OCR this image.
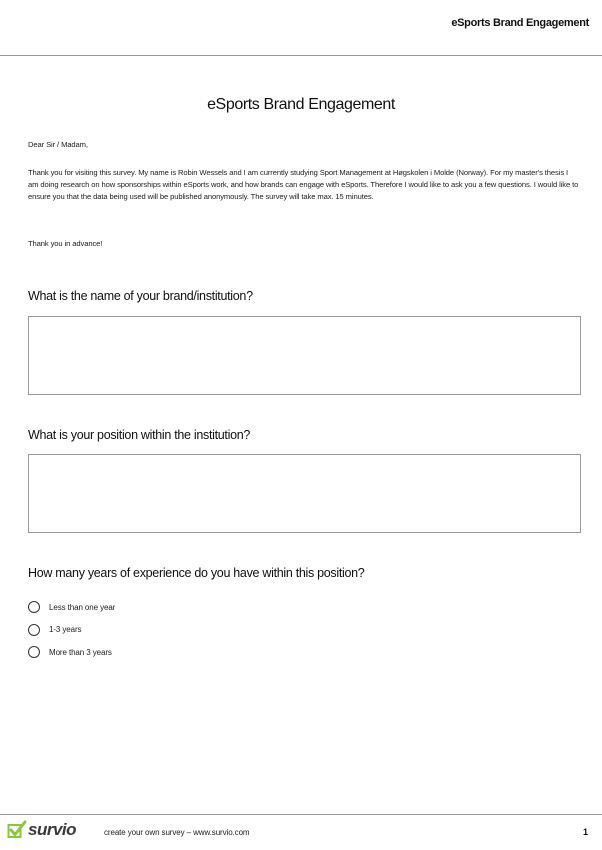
eSports Brand Engagement
eSports Brand Engagement
Dear Sir / Madam,
Thank you for visiting this survey. My name is Robin Wessels and I am currently studying Sport Management at Høgskolen i Molde (Norway). For my master's thesis I am doing research on how sponsorships within eSports work, and how brands can engage with eSports. Therefore I would like to ask you a few questions. I would like to ensure you that the data being used will be published anonymously. The survey will take max. 15 minutes.
Thank you in advance!
What is the name of your brand/institution?
What is your position within the institution?
How many years of experience do you have within this position?
Less than one year
1-3 years
More than 3 years
survio	create your own survey – www.survio.com	1
